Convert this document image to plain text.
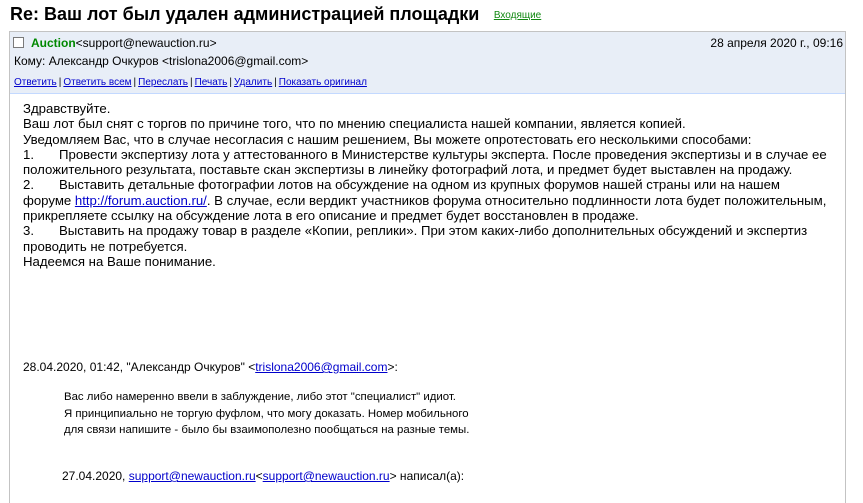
Re: Ваш лот был удален администрацией площадки Входящие
Auction<support@newauction.ru>	28 апреля 2020 г., 09:16
Кому: Александр Очкуров <trislona2006@gmail.com>
Ответить | Ответить всем | Переслать | Печать | Удалить | Показать оригинал

Здравствуйте.

Ваш лот был снят с торгов по причине того, что по мнению специалиста нашей компании, является копией.

Уведомляем Вас, что в случае несогласия с нашим решением, Вы можете опротестовать его несколькими способами:

1. Провести экспертизу лота у аттестованного в Министерстве культуры эксперта. После проведения экспертизы и в случае ее положительного результата, поставьте скан экспертизы в линейку фотографий лота, и предмет будет выставлен на продажу.

2. Выставить детальные фотографии лотов на обсуждение на одном из крупных форумов нашей страны или на нашем форуме http://forum.auction.ru/. В случае, если вердикт участников форума относительно подлинности лота будет положительным, прикрепляете ссылку на обсуждение лота в его описание и предмет будет восстановлен в продаже.

3. Выставить на продажу товар в разделе «Копии, реплики». При этом каких-либо дополнительных обсуждений и экспертиз проводить не потребуется.

Надеемся на Ваше понимание.

28.04.2020, 01:42, "Александр Очкуров" <trislona2006@gmail.com>:

Вас либо намеренно ввели в заблуждение, либо этот "специалист" идиот.

Я принципиально не торгую фуфлом, что могу доказать. Номер мобильного

для связи напишите - было бы взаимополезно пообщаться на разные темы.

27.04.2020, support@newauction.ru<support@newauction.ru> написал(а):
